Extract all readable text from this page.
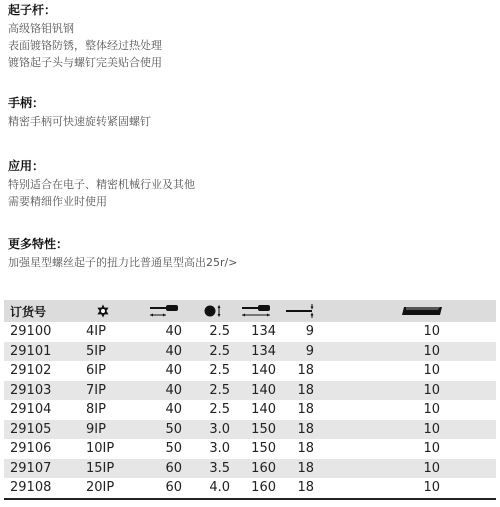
起子杆：
高级铬钼钒钢
表面镀铬防锈，整体经过热处理
镀铬起子头与螺钉完美贴合使用
手柄：
精密手柄可快速旋转紧固螺钉
应用：
特别适合在电子、精密机械行业及其他
需要精细作业时使用
更多特性：
加强星型螺丝起子的扭力比普通星型高出25r/>
订货号						
29100	4IP	40	2.5	134	9	10
29101	5IP	40	2.5	134	9	10
29102	6IP	40	2.5	140	18	10
29103	7IP	40	2.5	140	18	10
29104	8IP	40	2.5	140	18	10
29105	9IP	50	3.0	150	18	10
29106	10IP	50	3.0	150	18	10
29107	15IP	60	3.5	160	18	10
29108	20IP	60	4.0	160	18	10
